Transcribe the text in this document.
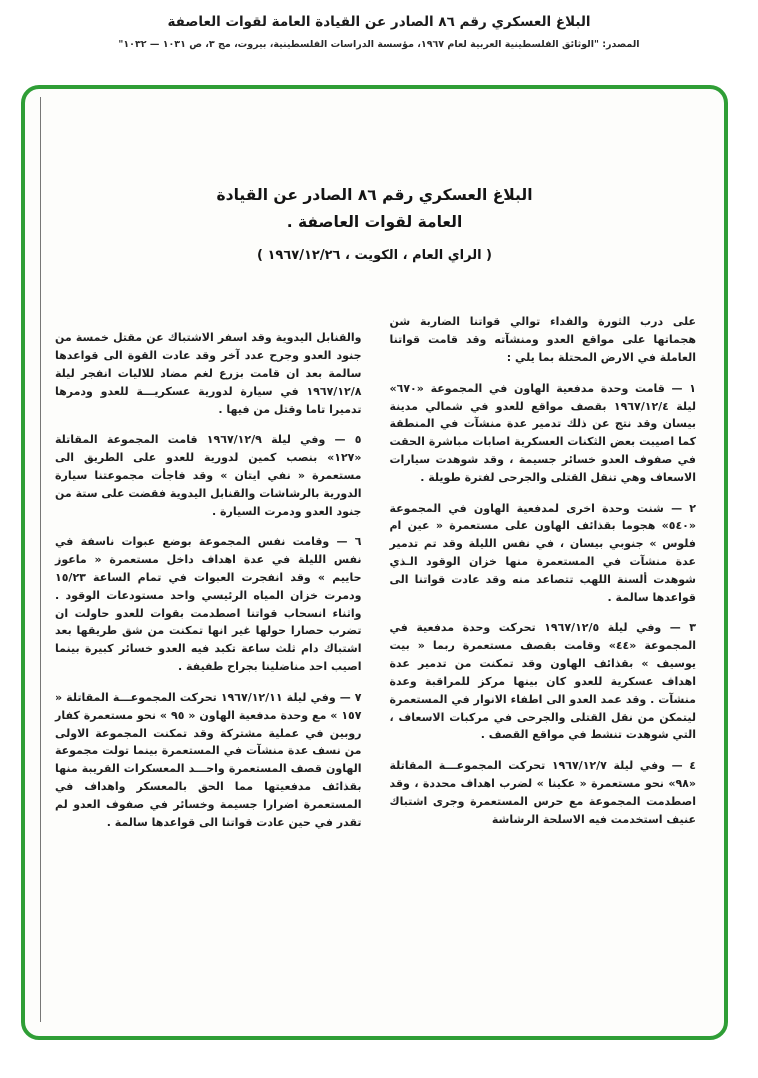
البلاغ العسكري رقم ٨٦ الصادر عن القيادة العامة لقوات العاصفة
المصدر: "الوثائق الفلسطينية العربية لعام ١٩٦٧، مؤسسة الدراسات الفلسطينية، بيروت، مج ٣، ص ١٠٣١ — ١٠٣٢"
البلاغ العسكري رقم ٨٦ الصادر عن القيادة
العامة لقوات العاصفة .
( الراي العام ، الكويت ، ١٩٦٧/١٢/٢٦ )

على درب الثورة والفداء توالي قواتنا الضاربة شن هجماتها على مواقع العدو ومنشآته وقد قامت قواتنا العاملة في الارض المحتلة بما يلي :

١ — قامت وحدة مدفعية الهاون في المجموعة «٦٧٠» ليلة ١٩٦٧/١٢/٤ بقصف مواقع للعدو في شمالي مدينة بيسان وقد نتج عن ذلك تدمير عدة منشآت في المنطقة كما اصيبت بعض الثكنات العسكرية اصابات مباشرة الحقت في صفوف العدو خسائر جسيمة ، وقد شوهدت سيارات الاسعاف وهي تنقل القتلى والجرحى لفترة طويلة .

٢ — شنت وحدة اخرى لمدفعية الهاون في المجموعة «٥٤٠» هجوما بقذائف الهاون على مستعمرة « عين ام فلوس » جنوبي بيسان ، في نفس الليلة وقد تم تدمير عدة منشآت في المستعمرة منها خزان الوقود الـذي شوهدت ألسنة اللهب تتصاعد منه وقد عادت قواتنا الى قواعدها سالمة .

٣ — وفي ليلة ١٩٦٧/١٢/٥ تحركت وحدة مدفعية في المجموعة «٤٤» وقامت بقصف مستعمرة ربما « بيت يوسيف » بقذائف الهاون وقد تمكنت من تدمير عدة اهداف عسكرية للعدو كان بينها مركز للمراقبة وعدة منشآت . وقد عمد العدو الى اطفاء الانوار في المستعمرة ليتمكن من نقل القتلى والجرحى في مركبات الاسعاف ، التي شوهدت تنشط في مواقع القصف .

٤ — وفي ليلة ١٩٦٧/١٢/٧ تحركت المجموعـــة المقاتلة «٩٨» نحو مستعمرة « عكينا » لضرب اهداف محددة ، وقد اصطدمت المجموعة مع حرس المستعمرة وجرى اشتباك عنيف استخدمت فيه الاسلحة الرشاشة

والقنابل اليدوية وقد اسفر الاشتباك عن مقتل خمسة من جنود العدو وجرح عدد آخر وقد عادت القوة الى قواعدها سالمة بعد ان قامت بزرع لغم مضاد للاليات انفجر ليلة ١٩٦٧/١٢/٨ في سيارة لدورية عسكريـــة للعدو ودمرها تدميرا تاما وقتل من فيها .

٥ — وفي ليلة ١٩٦٧/١٢/٩ قامت المجموعة المقاتلة «١٢٧» بنصب كمين لدورية للعدو على الطريق الى مستعمرة « نفي ايتان » وقد فاجأت مجموعتنا سيارة الدورية بالرشاشات والقنابل اليدوية فقضت على ستة من جنود العدو ودمرت السيارة .

٦ — وقامت نفس المجموعة بوضع عبوات ناسفة في نفس الليلة في عدة اهداف داخل مستعمرة « ماعوز حاييم » وقد انفجرت العبوات في تمام الساعة ١٥/٢٣ ودمرت خزان المياه الرئيسي واحد مستودعات الوقود . واثناء انسحاب قواتنا اصطدمت بقوات للعدو حاولت ان تضرب حصارا حولها غير انها تمكنت من شق طريقها بعد اشتباك دام ثلث ساعة تكبد فيه العدو خسائر كبيرة بينما اصيب احد مناضلينا بجراح طفيفة .

٧ — وفي ليلة ١٩٦٧/١٢/١١ تحركت المجموعـــة المقاتلة « ١٥٧ » مع وحدة مدفعية الهاون « ٩٥ » نحو مستعمرة كفار روبين في عملية مشتركة وقد تمكنت المجموعة الاولى من نسف عدة منشآت في المستعمرة بينما تولت مجموعة الهاون قصف المستعمرة واحـــد المعسكرات القريبة منها بقذائف مدفعيتها مما الحق بالمعسكر واهداف في المستعمرة اضرارا جسيمة وخسائر في صفوف العدو لم تقدر في حين عادت قواتنا الى قواعدها سالمة .
